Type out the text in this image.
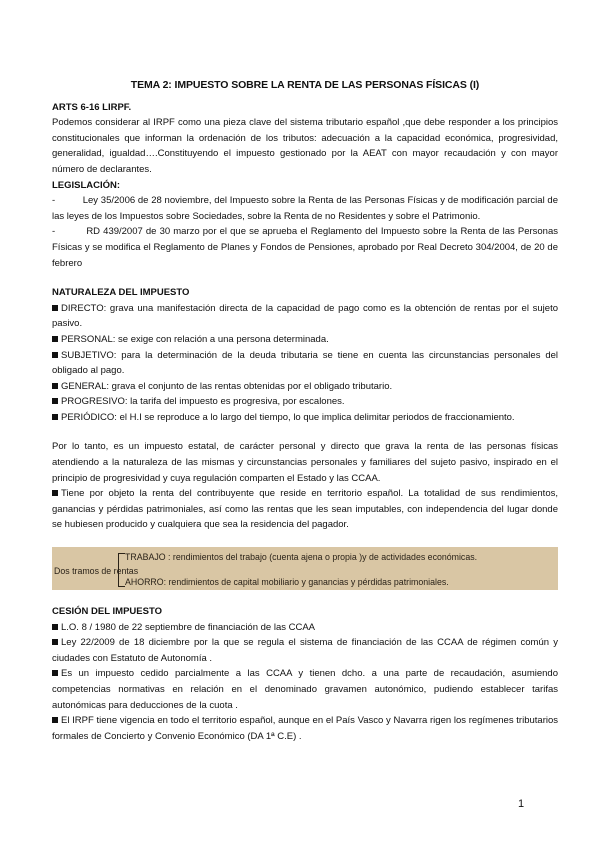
TEMA 2: IMPUESTO SOBRE LA RENTA DE LAS PERSONAS FÍSICAS (I)

ARTS 6-16 LIRPF.

Podemos considerar al IRPF como una pieza clave del sistema tributario español ,que debe responder a los principios constitucionales que informan la ordenación de los tributos: adecuación a la capacidad económica, progresividad, generalidad, igualdad….Constituyendo el impuesto gestionado por la AEAT con mayor recaudación y con mayor número de declarantes.

LEGISLACIÓN:

-          Ley 35/2006 de 28 noviembre, del Impuesto sobre la Renta de las Personas Físicas y de modificación parcial de las leyes de los Impuestos sobre Sociedades, sobre la Renta de no Residentes y sobre el Patrimonio.

-          RD 439/2007 de 30 marzo por el que se aprueba el Reglamento del Impuesto sobre la Renta de las Personas Físicas y se modifica el Reglamento de Planes y Fondos de Pensiones, aprobado por Real Decreto 304/2004, de 20 de febrero

NATURALEZA DEL IMPUESTO

DIRECTO: grava una manifestación directa de la capacidad de pago como es la obtención de rentas por el sujeto pasivo.

PERSONAL: se exige con relación a una persona determinada.

SUBJETIVO: para la determinación de la deuda tributaria se tiene en cuenta las circunstancias personales del obligado al pago.

GENERAL: grava el conjunto de las rentas obtenidas por el obligado tributario.

PROGRESIVO: la tarifa del impuesto es progresiva, por escalones.

PERIÓDICO: el H.I se reproduce a lo largo del tiempo, lo que implica delimitar periodos de fraccionamiento.

Por lo tanto, es un impuesto estatal, de carácter personal y directo que grava la renta de las personas físicas atendiendo a la naturaleza de las mismas y circunstancias personales y familiares del sujeto pasivo, inspirado en el principio de progresividad y cuya regulación comparten el Estado y las CCAA.

Tiene por objeto la renta del contribuyente que reside en territorio español. La totalidad de sus rendimientos, ganancias y pérdidas patrimoniales, así como las rentas que les sean imputables, con independencia del lugar donde se hubiesen producido y cualquiera que sea la residencia del pagador.

TRABAJO : rendimientos del trabajo (cuenta ajena o propia )y de actividades económicas.
Dos tramos de rentas
AHORRO: rendimientos de capital mobiliario y ganancias y pérdidas patrimoniales.

CESIÓN DEL IMPUESTO

L.O. 8 / 1980 de 22 septiembre de financiación de las CCAA

Ley 22/2009 de 18 diciembre por la que se regula el sistema de financiación de las CCAA de régimen común y ciudades con Estatuto de Autonomía .

Es un impuesto cedido parcialmente a las CCAA y tienen dcho. a una parte de recaudación, asumiendo competencias normativas en relación en el denominado gravamen autonómico, pudiendo establecer tarifas autonómicas para deducciones de la cuota .

El IRPF tiene vigencia en todo el territorio español, aunque en el País Vasco y Navarra rigen los regímenes tributarios formales de Concierto y Convenio Económico (DA 1ª C.E) .

1
